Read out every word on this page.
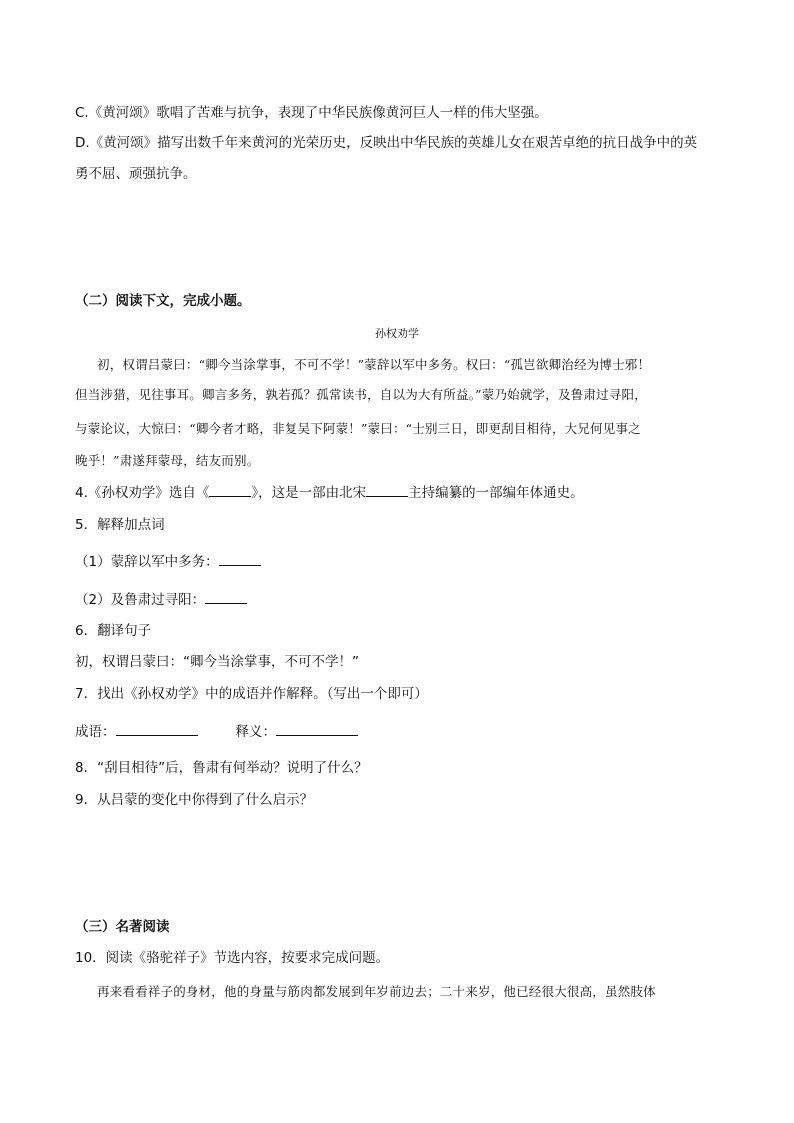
C.《黄河颂》歌唱了苦难与抗争，表现了中华民族像黄河巨人一样的伟大坚强。
D.《黄河颂》描写出数千年来黄河的光荣历史，反映出中华民族的英雄儿女在艰苦卓绝的抗日战争中的英
勇不屈、顽强抗争。
（二）阅读下文，完成小题。
孙权劝学
初，权谓吕蒙曰：“卿今当涂掌事，不可不学！”蒙辞以军中多务。权曰：“孤岂欲卿治经为博士邪！
但当涉猎，见往事耳。卿言多务，孰若孤？孤常读书，自以为大有所益。”蒙乃始就学，及鲁肃过寻阳，
与蒙论议，大惊曰：“卿今者才略，非复吴下阿蒙！”蒙曰：“士别三日，即更刮目相待，大兄何见事之
晚乎！”肃遂拜蒙母，结友而别。
4.《孙权劝学》选自《	》，这是一部由北宋	主持编纂的一部编年体通史。
5．解释加点词
（1）蒙辞以军中多务：
（2）及鲁肃过寻阳：
6．翻译句子
初，权谓吕蒙曰：“卿今当涂掌事，不可不学！”
7．找出《孙权劝学》中的成语并作解释。（写出一个即可）
成语：	释义：
8．“刮目相待”后，鲁肃有何举动？说明了什么？
9．从吕蒙的变化中你得到了什么启示？
（三）名著阅读
10．阅读《骆驼祥子》节选内容，按要求完成问题。
再来看看祥子的身材，他的身量与筋肉都发展到年岁前边去；二十来岁，他已经很大很高，虽然肢体
